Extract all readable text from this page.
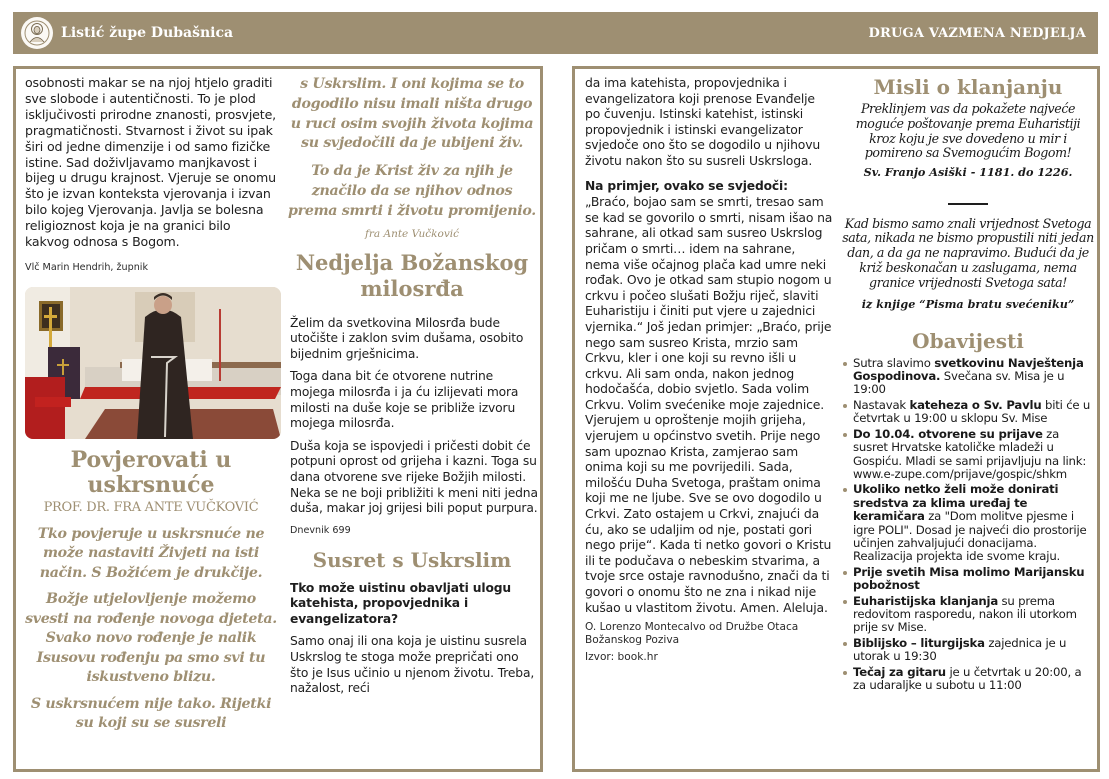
Listić župe Dubašnica	DRUGA VAZMENA NEDJELJA

osobnosti makar se na njoj htjelo graditi sve slobode i autentičnosti. To je plod isključivosti prirodne znanosti, prosvjete, pragmatičnosti. Stvarnost i život su ipak širi od jedne dimenzije i od samo fizičke istine. Sad doživljavamo manjkavost i bijeg u drugu krajnost. Vjeruje se onomu što je izvan konteksta vjerovanja i izvan bilo kojeg Vjerovanja. Javlja se bolesna religioznost koja je na granici bilo kakvog odnosa s Bogom.

Vlč Marin Hendrih, župnik

Povjerovati u uskrsnuće

PROF. DR. FRA ANTE VUČKOVIĆ

Tko povjeruje u uskrsnuće ne može nastaviti Živjeti na isti način. S Božićem je drukčije.

Božje utjelovljenje možemo svesti na rođenje novoga djeteta. Svako novo rođenje je nalik Isusovu rođenju pa smo svi tu iskustveno blizu.

S uskrsnućem nije tako. Rijetki su koji su se susreli

s Uskrslim. I oni kojima se to dogodilo nisu imali ništa drugo u ruci osim svojih života kojima su svjedočili da je ubijeni živ.

To da je Krist živ za njih je značilo da se njihov odnos prema smrti i životu promijenio.

fra Ante Vučković

Nedjelja Božanskog milosrđa

Želim da svetkovina Milosrđa bude utočište i zaklon svim dušama, osobito bijednim grješnicima.

Toga dana bit će otvorene nutrine mojega milosrđa i ja ću izlijevati mora milosti na duše koje se približe izvoru mojega milosrđa.

Duša koja se ispovjedi i pričesti dobit će potpuni oprost od grijeha i kazni. Toga su dana otvorene sve rijeke Božjih milosti. Neka se ne boji približiti k meni niti jedna duša, makar joj grijesi bili poput purpura.

Dnevnik 699

Susret s Uskrslim

Tko može uistinu obavljati ulogu katehista, propovjednika i evangelizatora?

Samo onaj ili ona koja je uistinu susrela Uskrslog te stoga može prepričati ono što je Isus učinio u njenom životu. Treba, nažalost, reći

da ima katehista, propovjednika i evangelizatora koji prenose Evanđelje po čuvenju. Istinski katehist, istinski propovjednik i istinski evangelizator svjedoče ono što se dogodilo u njihovu životu nakon što su susreli Uskrsloga.

Na primjer, ovako se svjedoči:

„Braćo, bojao sam se smrti, tresao sam se kad se govorilo o smrti, nisam išao na sahrane, ali otkad sam susreo Uskrslog pričam o smrti… idem na sahrane, nema više očajnog plača kad umre neki rođak. Ovo je otkad sam stupio nogom u crkvu i počeo slušati Božju riječ, slaviti Euharistiju i činiti put vjere u zajednici vjernika.“ Još jedan primjer: „Braćo, prije nego sam susreo Krista, mrzio sam Crkvu, kler i one koji su revno išli u crkvu. Ali sam onda, nakon jednog hodočašća, dobio svjetlo. Sada volim Crkvu. Volim svećenike moje zajednice. Vjerujem u oproštenje mojih grijeha, vjerujem u općinstvo svetih. Prije nego sam upoznao Krista, zamjerao sam onima koji su me povrijedili. Sada, milošću Duha Svetoga, praštam onima koji me ne ljube. Sve se ovo dogodilo u Crkvi. Zato ostajem u Crkvi, znajući da ću, ako se udaljim od nje, postati gori nego prije“. Kada ti netko govori o Kristu ili te podučava o nebeskim stvarima, a tvoje srce ostaje ravnodušno, znači da ti govori o onomu što ne zna i nikad nije kušao u vlastitom životu. Amen. Aleluja.

O. Lorenzo Montecalvo od Družbe Otaca Božanskog Poziva

Izvor: book.hr

Misli o klanjanju

Preklinjem vas da pokažete najveće moguće poštovanje prema Euharistiji kroz koju je sve dovedeno u mir i pomireno sa Svemogućim Bogom!

Sv. Franjo Asiški - 1181. do 1226.

Kad bismo samo znali vrijednost Svetoga sata, nikada ne bismo propustili niti jedan dan, a da ga ne napravimo. Budući da je križ beskonačan u zaslugama, nema granice vrijednosti Svetoga sata!

iz knjige “Pisma bratu svećeniku”

Obavijesti
Sutra slavimo svetkovinu Navještenja Gospodinova. Svečana sv. Misa je u 19:00
Nastavak kateheza o Sv. Pavlu biti će u četvrtak u 19:00 u sklopu Sv. Mise
Do 10.04. otvorene su prijave za susret Hrvatske katoličke mladeži u Gospiću. Mladi se sami prijavljuju na link: www.e-zupe.com/prijave/gospic/shkm
Ukoliko netko želi može donirati sredstva za klima uređaj te keramičara za "Dom molitve pjesme i igre POLI". Dosad je najveći dio prostorije učinjen zahvaljujući donacijama. Realizacija projekta ide svome kraju.
Prije svetih Misa molimo Marijansku pobožnost
Euharistijska klanjanja su prema redovitom rasporedu, nakon ili utorkom prije sv Mise.
Biblijsko – liturgijska zajednica je u utorak u 19:30
Tečaj za gitaru je u četvrtak u 20:00, a za udaraljke u subotu u 11:00
